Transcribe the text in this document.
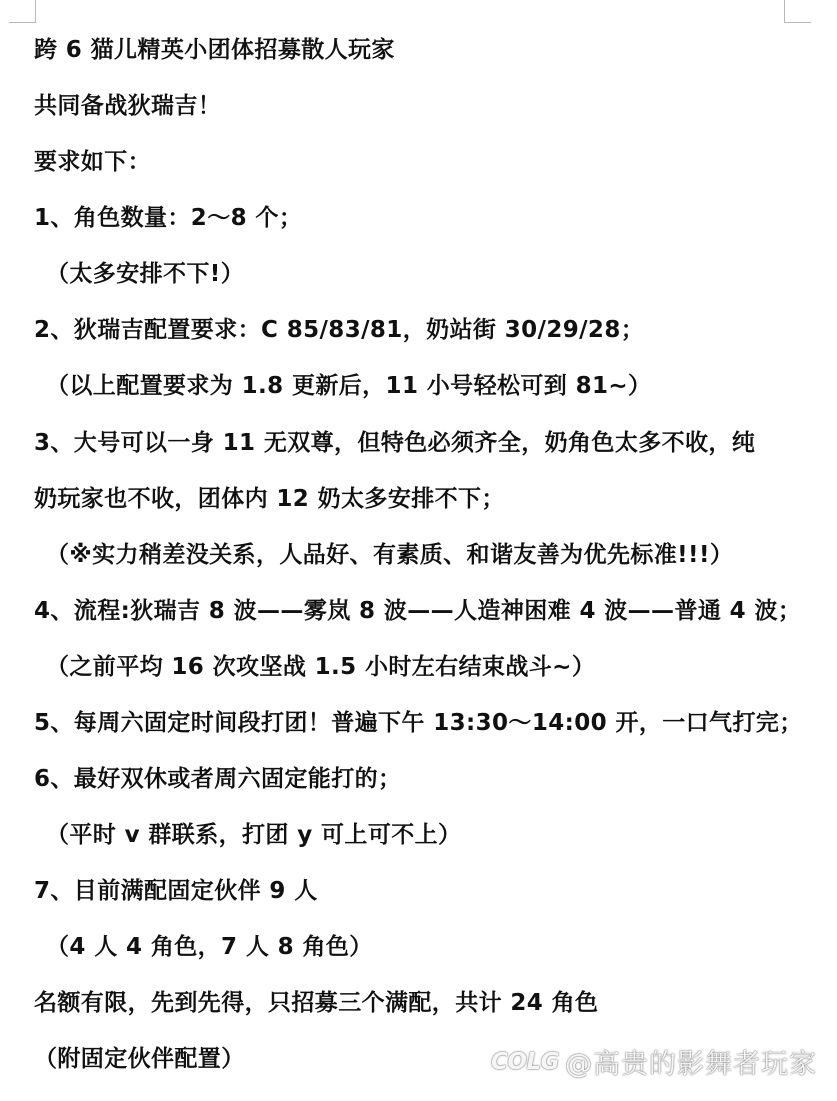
跨 6 猫儿精英小团体招募散人玩家
共同备战狄瑞吉！
要求如下：
1、角色数量：2～8 个；
（太多安排不下!）
2、狄瑞吉配置要求：C 85/83/81，奶站街 30/29/28；
（以上配置要求为 1.8 更新后，11 小号轻松可到 81~）
3、大号可以一身 11 无双尊，但特色必须齐全，奶角色太多不收，纯
奶玩家也不收，团体内 12 奶太多安排不下；
（※实力稍差没关系，人品好、有素质、和谐友善为优先标准!!!）
4、流程:狄瑞吉 8 波——雾岚 8 波——人造神困难 4 波——普通 4 波；
（之前平均 16 次攻坚战 1.5 小时左右结束战斗~）
5、每周六固定时间段打团！普遍下午 13:30～14:00 开，一口气打完；
6、最好双休或者周六固定能打的；
（平时 v 群联系，打团 y 可上可不上）
7、目前满配固定伙伴 9 人
（4 人 4 角色，7 人 8 角色）
名额有限，先到先得，只招募三个满配，共计 24 角色
（附固定伙伴配置）	COLG @高贵的影舞者玩家
